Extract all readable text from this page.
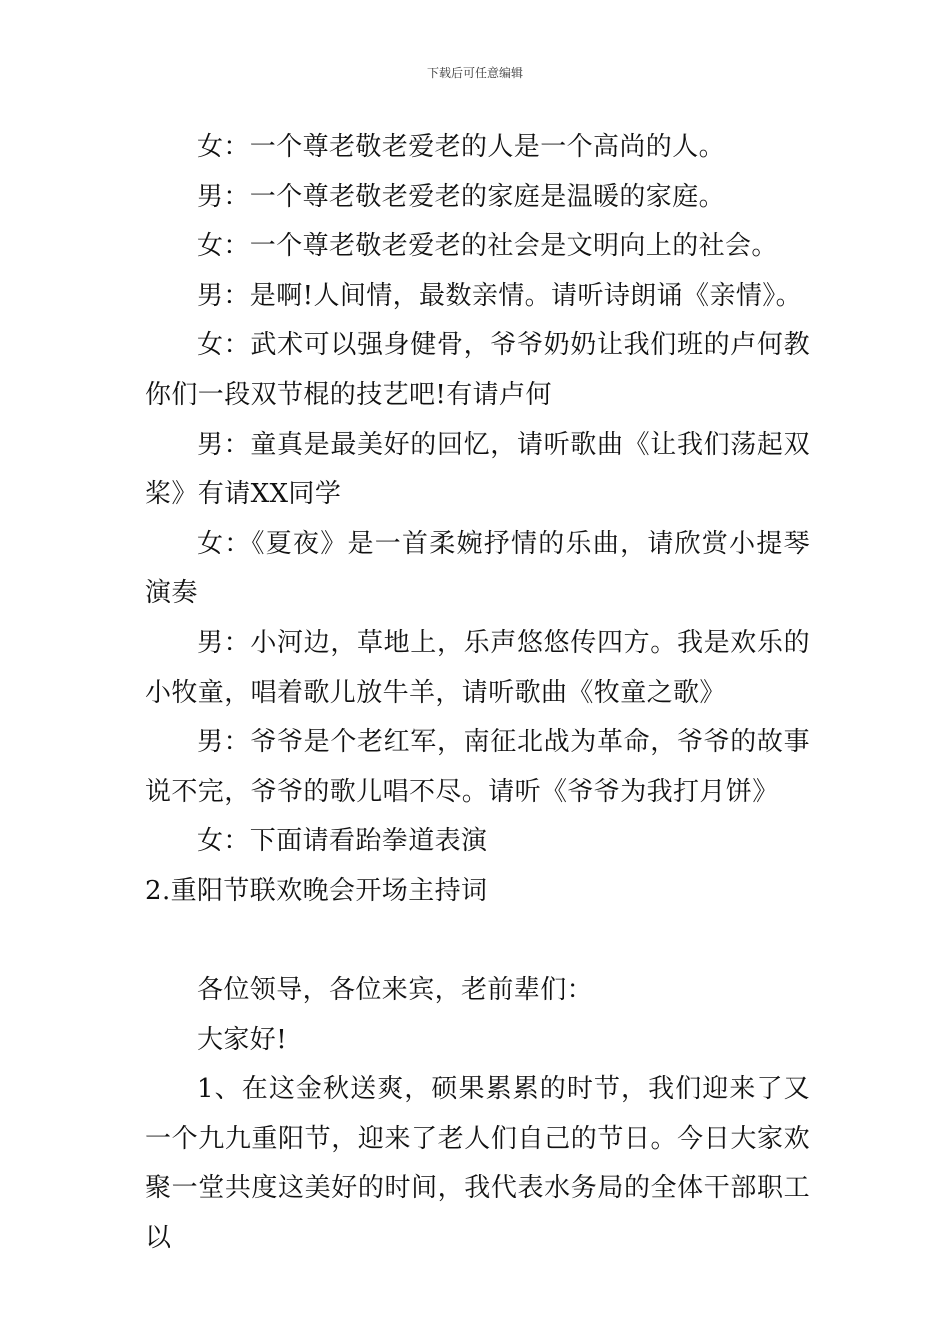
下载后可任意编辑

女：一个尊老敬老爱老的人是一个高尚的人。

男：一个尊老敬老爱老的家庭是温暖的家庭。

女：一个尊老敬老爱老的社会是文明向上的社会。

男：是啊!人间情，最数亲情。请听诗朗诵《亲情》。

女：武术可以强身健骨，爷爷奶奶让我们班的卢何教你们一段双节棍的技艺吧!有请卢何

男：童真是最美好的回忆，请听歌曲《让我们荡起双桨》有请XX同学

女：《夏夜》是一首柔婉抒情的乐曲，请欣赏小提琴演奏

男：小河边，草地上，乐声悠悠传四方。我是欢乐的小牧童，唱着歌儿放牛羊，请听歌曲《牧童之歌》

男：爷爷是个老红军，南征北战为革命，爷爷的故事说不完，爷爷的歌儿唱不尽。请听《爷爷为我打月饼》

女：下面请看跆拳道表演

2.重阳节联欢晚会开场主持词

各位领导，各位来宾，老前辈们：

大家好!

1、在这金秋送爽，硕果累累的时节，我们迎来了又一个九九重阳节，迎来了老人们自己的节日。今日大家欢聚一堂共度这美好的时间，我代表水务局的全体干部职工以
